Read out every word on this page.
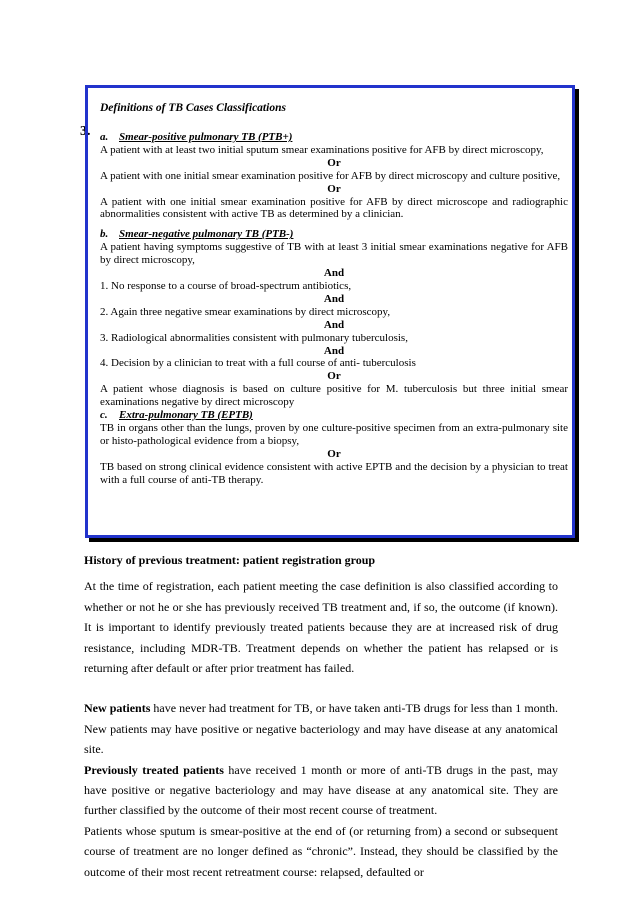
3.
Definitions of TB Cases Classifications

a. Smear-positive pulmonary TB (PTB+)

A patient with at least two initial sputum smear examinations positive for AFB by direct microscopy,

Or

A patient with one initial smear examination positive for AFB by direct microscopy and culture positive,

Or

A patient with one initial smear examination positive for AFB by direct microscope and radiographic abnormalities consistent with active TB as determined by a clinician.

b. Smear-negative pulmonary TB (PTB-)

A patient having symptoms suggestive of TB with at least 3 initial smear examinations negative for AFB by direct microscopy,

And

1. No response to a course of broad-spectrum antibiotics,

And

2. Again three negative smear examinations by direct microscopy,

And

3. Radiological abnormalities consistent with pulmonary tuberculosis,

And

4. Decision by a clinician to treat with a full course of anti- tuberculosis

Or

A patient whose diagnosis is based on culture positive for M. tuberculosis but three initial smear examinations negative by direct microscopy

c. Extra-pulmonary TB (EPTB)

TB in organs other than the lungs, proven by one culture-positive specimen from an extra-pulmonary site or histo-pathological evidence from a biopsy,

Or

TB based on strong clinical evidence consistent with active EPTB and the decision by a physician to treat with a full course of anti-TB therapy.

History of previous treatment: patient registration group

At the time of registration, each patient meeting the case definition is also classified according to whether or not he or she has previously received TB treatment and, if so, the outcome (if known). It is important to identify previously treated patients because they are at increased risk of drug resistance, including MDR-TB. Treatment depends on whether the patient has relapsed or is returning after default or after prior treatment has failed.

New patients have never had treatment for TB, or have taken anti-TB drugs for less than 1 month. New patients may have positive or negative bacteriology and may have disease at any anatomical site.

Previously treated patients have received 1 month or more of anti-TB drugs in the past, may have positive or negative bacteriology and may have disease at any anatomical site. They are further classified by the outcome of their most recent course of treatment.

Patients whose sputum is smear-positive at the end of (or returning from) a second or subsequent course of treatment are no longer defined as “chronic”. Instead, they should be classified by the outcome of their most recent retreatment course: relapsed, defaulted or
